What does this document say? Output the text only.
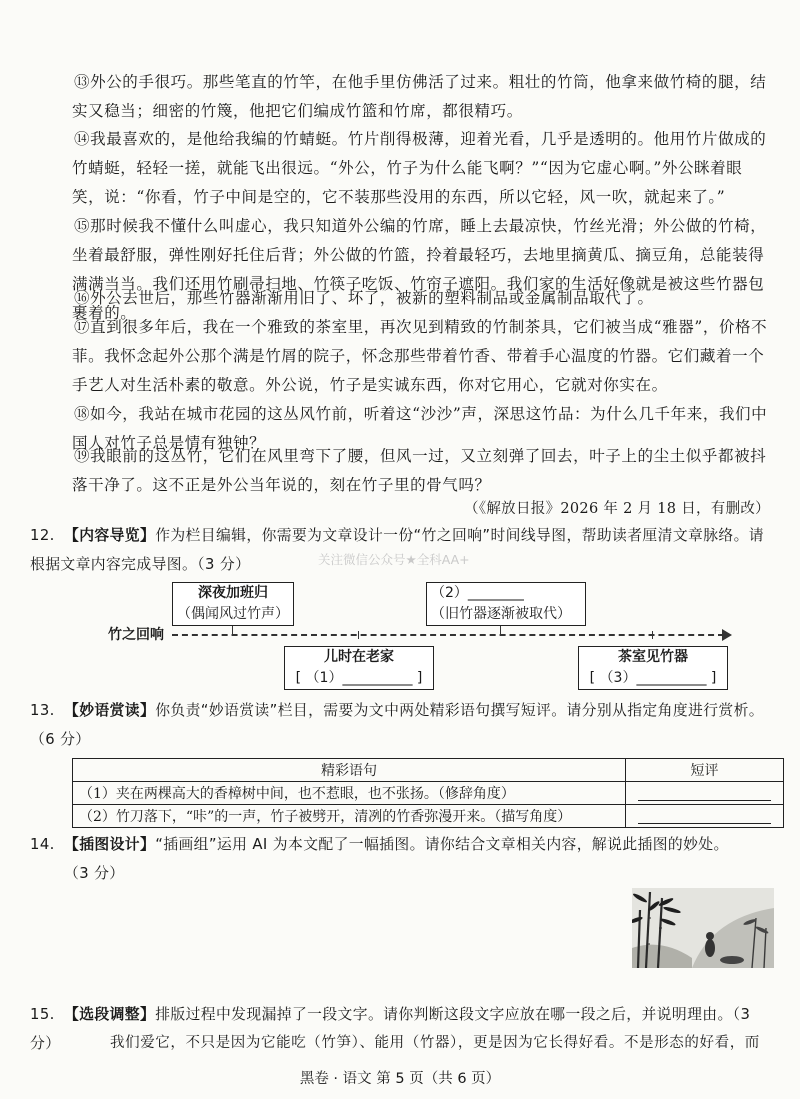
⑬外公的手很巧。那些笔直的竹竿，在他手里仿佛活了过来。粗壮的竹筒，他拿来做竹椅的腿，结实又稳当；细密的竹篾，他把它们编成竹篮和竹席，都很精巧。

⑭我最喜欢的，是他给我编的竹蜻蜓。竹片削得极薄，迎着光看，几乎是透明的。他用竹片做成的竹蜻蜓，轻轻一搓，就能飞出很远。“外公，竹子为什么能飞啊？”“因为它虚心啊。”外公眯着眼笑，说：“你看，竹子中间是空的，它不装那些没用的东西，所以它轻，风一吹，就起来了。”

⑮那时候我不懂什么叫虚心，我只知道外公编的竹席，睡上去最凉快，竹丝光滑；外公做的竹椅，坐着最舒服，弹性刚好托住后背；外公做的竹篮，拎着最轻巧，去地里摘黄瓜、摘豆角，总能装得满满当当。我们还用竹刷帚扫地、竹筷子吃饭、竹帘子遮阳。我们家的生活好像就是被这些竹器包裹着的。

⑯外公去世后，那些竹器渐渐用旧了、坏了，被新的塑料制品或金属制品取代了。

⑰直到很多年后，我在一个雅致的茶室里，再次见到精致的竹制茶具，它们被当成“雅器”，价格不菲。我怀念起外公那个满是竹屑的院子，怀念那些带着竹香、带着手心温度的竹器。它们藏着一个手艺人对生活朴素的敬意。外公说，竹子是实诚东西，你对它用心，它就对你实在。

⑱如今，我站在城市花园的这丛风竹前，听着这“沙沙”声，深思这竹品：为什么几千年来，我们中国人对竹子总是情有独钟？

⑲我眼前的这丛竹，它们在风里弯下了腰，但风一过，又立刻弹了回去，叶子上的尘土似乎都被抖落干净了。这不正是外公当年说的，刻在竹子里的骨气吗？

（《解放日报》2026 年 2 月 18 日，有删改）

12. 【内容导览】作为栏目编辑，你需要为文章设计一份“竹之回响”时间线导图，帮助读者厘清文章脉络。请根据文章内容完成导图。（3 分）	关注微信公众号★全科AA+
深夜加班归
（偶闻风过竹声）
（2）________
（旧竹器逐渐被取代）
竹之回响
儿时在老家
[ （1）__________ ]
茶室见竹器
[ （3）__________ ]

13. 【妙语赏读】你负责“妙语赏读”栏目，需要为文中两处精彩语句撰写短评。请分别从指定角度进行赏析。（6 分）

精彩语句	短评
（1）夹在两棵高大的香樟树中间，也不惹眼，也不张扬。（修辞角度）	

（2）竹刀落下，“咔”的一声，竹子被劈开，清冽的竹香弥漫开来。（描写角度）	

14. 【插图设计】“插画组”运用 AI 为本文配了一幅插图。请你结合文章相关内容，解说此插图的妙处。
（3 分）

15. 【选段调整】排版过程中发现漏掉了一段文字。请你判断这段文字应放在哪一段之后，并说明理由。（3 分）	我们爱它，不只是因为它能吃（竹笋）、能用（竹器），更是因为它长得好看。不是形态的好看，而

黑卷 · 语文 第 5 页（共 6 页）
